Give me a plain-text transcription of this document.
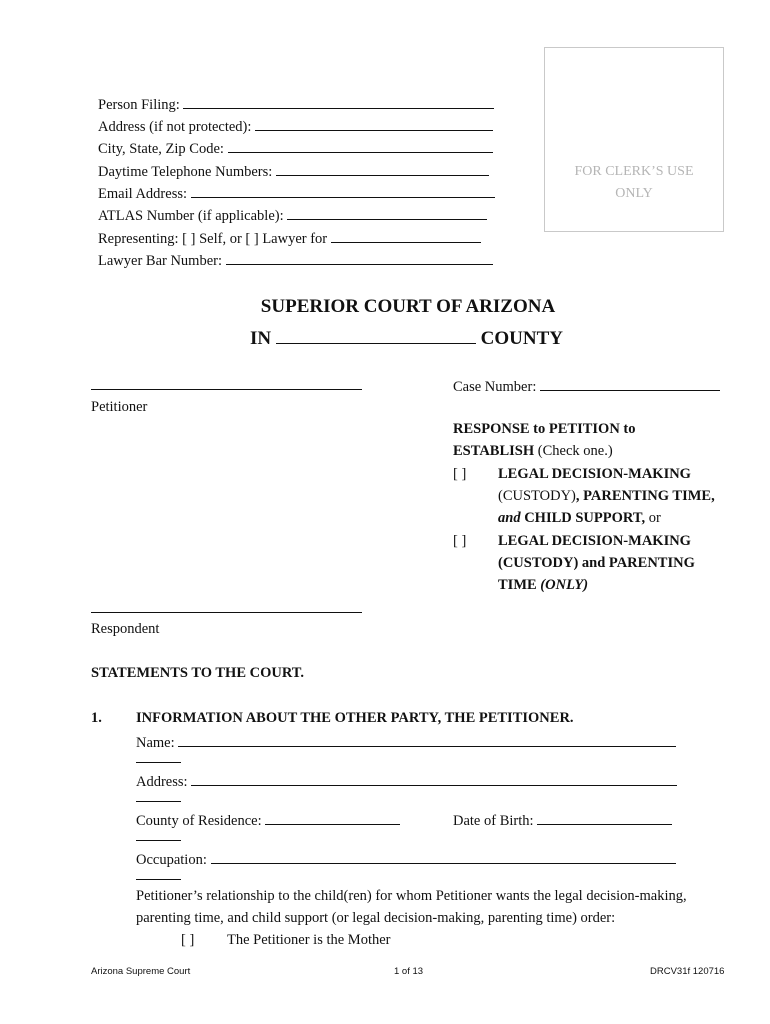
Person Filing:
Address (if not protected):
City, State, Zip Code:
Daytime Telephone Numbers:
Email Address:
ATLAS Number (if applicable):
Representing: [ ] Self, or [ ] Lawyer for
Lawyer Bar Number:
FOR CLERK’S USE
ONLY
SUPERIOR COURT OF ARIZONA
IN	COUNTY
Petitioner
Respondent
Case Number:
RESPONSE to PETITION to
ESTABLISH (Check one.)
[ ] LEGAL DECISION-MAKING
(CUSTODY), PARENTING TIME,
and CHILD SUPPORT, or
[ ] LEGAL DECISION-MAKING
(CUSTODY) and PARENTING
TIME (ONLY)
STATEMENTS TO THE COURT.
1. INFORMATION ABOUT THE OTHER PARTY, THE PETITIONER.
Name:
Address:
County of Residence:	Date of Birth:
Occupation:
Petitioner’s relationship to the child(ren) for whom Petitioner wants the legal decision-making,
parenting time, and child support (or legal decision-making, parenting time) order:
[ ] The Petitioner is the Mother
Arizona Supreme Court	1 of 13	DRCV31f 120716
